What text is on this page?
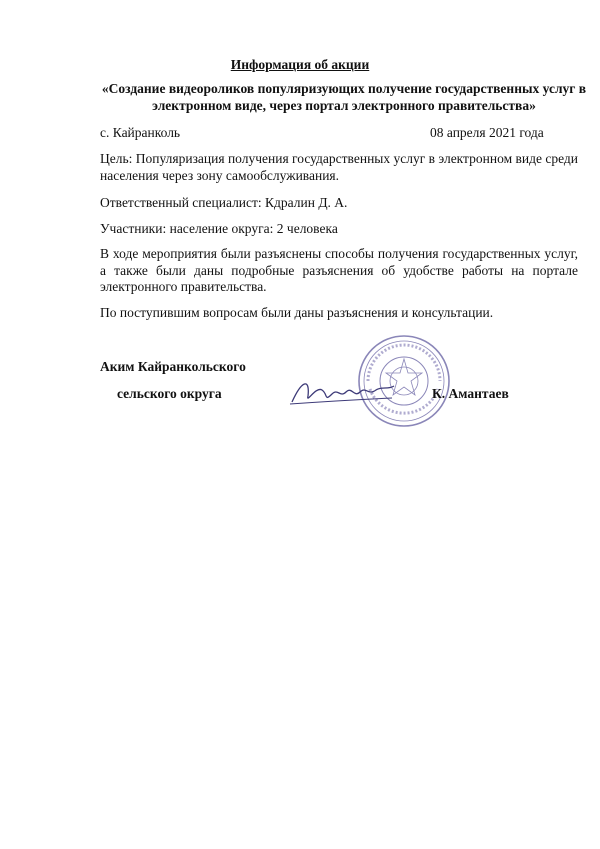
Информация об акции
«Создание видеороликов популяризующих получение государственных услуг в электронном виде, через портал электронного правительства»
с. Кайранколь	08 апреля 2021 года
Цель: Популяризация получения государственных услуг в электронном виде среди населения через зону самообслуживания.
Ответственный специалист: Кдралин Д. А.
Участники: население округа: 2 человека
В ходе мероприятия были разъяснены способы получения государственных услуг, а также были даны подробные разъяснения об удобстве работы на портале электронного правительства.
По поступившим вопросам были даны разъяснения и консультации.
Аким Кайранкольского
сельского округа	К. Амантаев
